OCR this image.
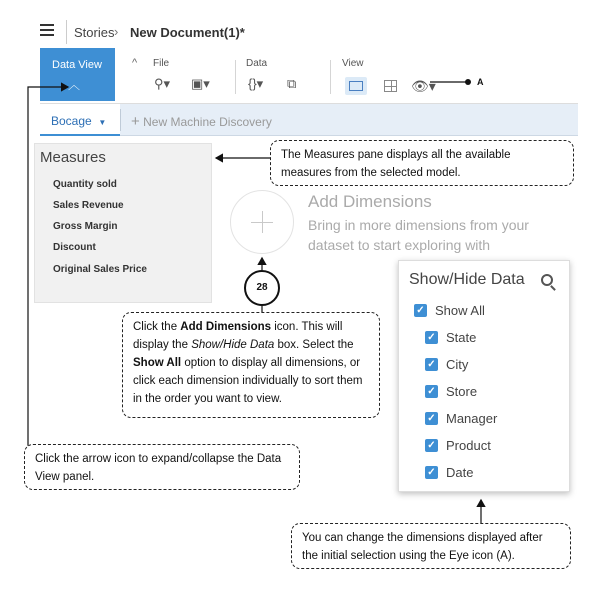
Stories › New Document(1)*
Data View
︿
^ File
⚲▾ ▣▾
Data
{}▾ ⧉
View
👁▾	A
Bocage ▼ + New Machine Discovery
Measures
Quantity sold
Sales Revenue
Gross Margin
Discount
Original Sales Price
Add Dimensions
Bring in more dimensions from your dataset to start exploring with
Show/Hide Data
✓ Show All
✓ State
✓ City
✓ Store
✓ Manager
✓ Product
✓ Date
The Measures pane displays all the available measures from the selected model.
28
Click the Add Dimensions icon. This will display the Show/Hide Data box. Select the Show All option to display all dimensions, or click each dimension individually to sort them in the order you want to view.
Click the arrow icon to expand/collapse the Data View panel.
You can change the dimensions displayed after the initial selection using the Eye icon (A).
